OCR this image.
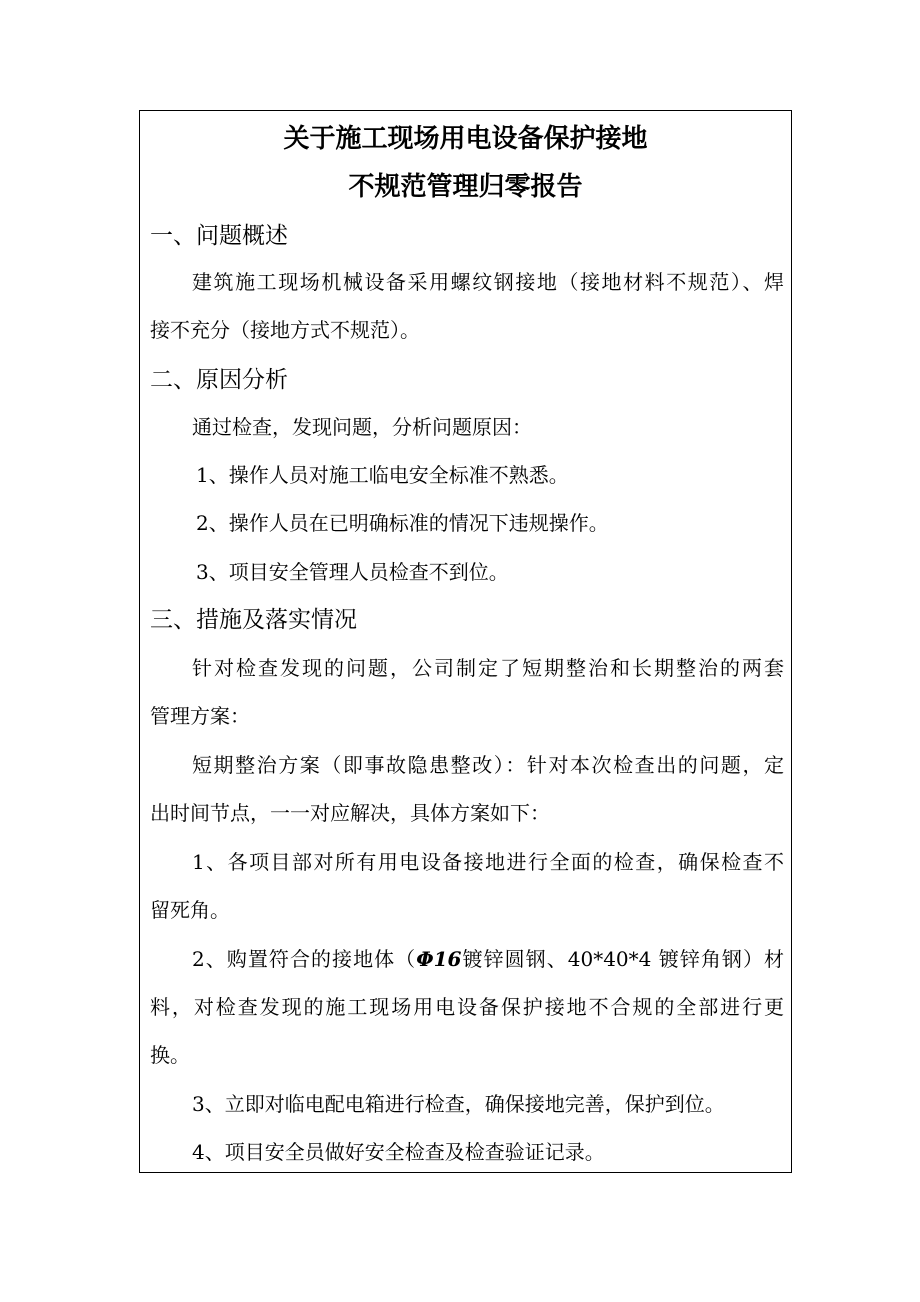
关于施工现场用电设备保护接地
不规范管理归零报告
一、问题概述

建筑施工现场机械设备采用螺纹钢接地（接地材料不规范）、焊

接不充分（接地方式不规范）。

二、原因分析

通过检查，发现问题，分析问题原因：

1、操作人员对施工临电安全标准不熟悉。

2、操作人员在已明确标准的情况下违规操作。

3、项目安全管理人员检查不到位。

三、措施及落实情况

针对检查发现的问题，公司制定了短期整治和长期整治的两套

管理方案：

短期整治方案（即事故隐患整改）：针对本次检查出的问题，定

出时间节点，一一对应解决，具体方案如下：

1、各项目部对所有用电设备接地进行全面的检查，确保检查不

留死角。

2、购置符合的接地体（Φ16镀锌圆钢、40*40*4 镀锌角钢）材

料，对检查发现的施工现场用电设备保护接地不合规的全部进行更

换。

3、立即对临电配电箱进行检查，确保接地完善，保护到位。

4、项目安全员做好安全检查及检查验证记录。
